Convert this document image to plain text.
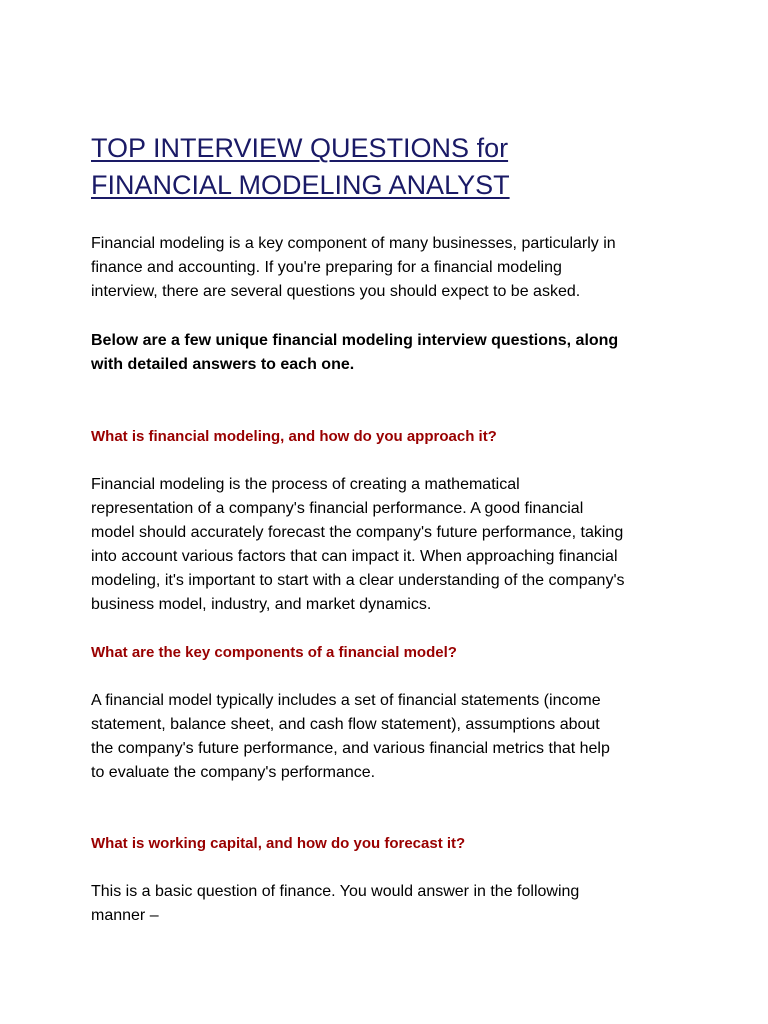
TOP INTERVIEW QUESTIONS for
FINANCIAL MODELING ANALYST

Financial modeling is a key component of many businesses, particularly in
finance and accounting. If you're preparing for a financial modeling
interview, there are several questions you should expect to be asked.

Below are a few unique financial modeling interview questions, along
with detailed answers to each one.

What is financial modeling, and how do you approach it?

Financial modeling is the process of creating a mathematical
representation of a company's financial performance. A good financial
model should accurately forecast the company's future performance, taking
into account various factors that can impact it. When approaching financial
modeling, it's important to start with a clear understanding of the company's
business model, industry, and market dynamics.

What are the key components of a financial model?

A financial model typically includes a set of financial statements (income
statement, balance sheet, and cash flow statement), assumptions about
the company's future performance, and various financial metrics that help
to evaluate the company's performance.

What is working capital, and how do you forecast it?

This is a basic question of finance. You would answer in the following
manner –
